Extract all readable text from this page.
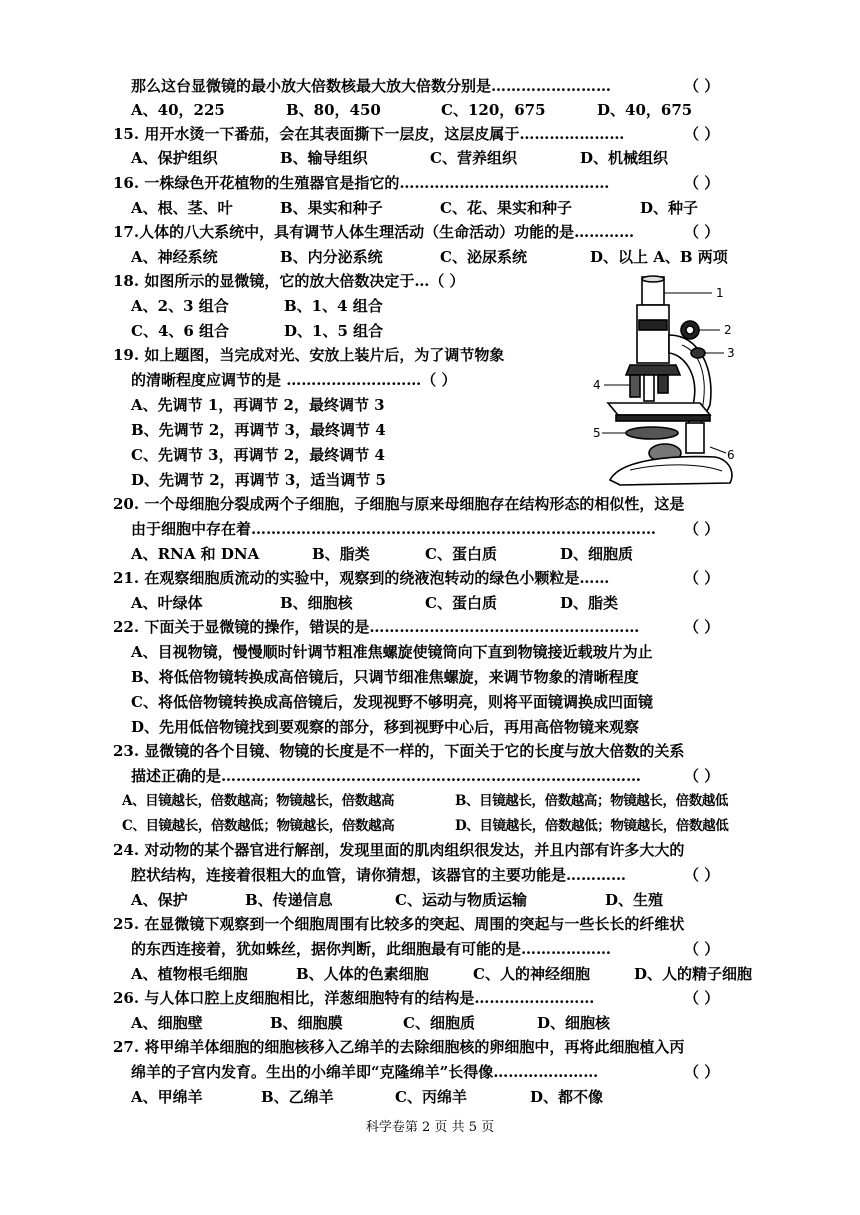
那么这台显微镜的最小放大倍数核最大放大倍数分别是……………………	（ ）
A、40，225	B、80，450	C、120，675	D、40，675
15. 用开水烫一下番茄，会在其表面撕下一层皮，这层皮属于…………………	（ ）
A、保护组织	B、输导组织	C、营养组织	D、机械组织
16. 一株绿色开花植物的生殖器官是指它的……………………………………	（ ）
A、根、茎、叶	B、果实和种子	C、花、果实和种子	D、种子
17.人体的八大系统中，具有调节人体生理活动（生命活动）功能的是…………	（ ）
A、神经系统	B、内分泌系统	C、泌尿系统	D、以上 A、B 两项
18. 如图所示的显微镜，它的放大倍数决定于…（ ）
A、2、3 组合	B、1、4 组合
C、4、6 组合	D、1、5 组合
19. 如上题图，当完成对光、安放上装片后，为了调节物象
的清晰程度应调节的是 ………………………（ ）
A、先调节 1，再调节 2，最终调节 3
B、先调节 2，再调节 3，最终调节 4
C、先调节 3，再调节 2，最终调节 4
D、先调节 2，再调节 3，适当调节 5
1
2
3
4
5
6
20. 一个母细胞分裂成两个子细胞，子细胞与原来母细胞存在结构形态的相似性，这是
由于细胞中存在着……………………………………………………………………… （ ）
A、RNA 和 DNA	B、脂类	C、蛋白质	D、细胞质
21. 在观察细胞质流动的实验中，观察到的绕液泡转动的绿色小颗粒是……	（ ）
A、叶绿体	B、细胞核	C、蛋白质	D、脂类
22. 下面关于显微镜的操作，错误的是………………………………………………	（ ）
A、目视物镜，慢慢顺时针调节粗准焦螺旋使镜筒向下直到物镜接近载玻片为止
B、将低倍物镜转换成高倍镜后，只调节细准焦螺旋，来调节物象的清晰程度
C、将低倍物镜转换成高倍镜后，发现视野不够明亮，则将平面镜调换成凹面镜
D、先用低倍物镜找到要观察的部分，移到视野中心后，再用高倍物镜来观察
23. 显微镜的各个目镜、物镜的长度是不一样的，下面关于它的长度与放大倍数的关系
描述正确的是…………………………………………………………………………	（ ）
A、目镜越长，倍数越高；物镜越长，倍数越高	B、目镜越长，倍数越高；物镜越长，倍数越低
C、目镜越长，倍数越低；物镜越长，倍数越高	D、目镜越长，倍数越低；物镜越长，倍数越低
24. 对动物的某个器官进行解剖，发现里面的肌肉组织很发达，并且内部有许多大大的
腔状结构，连接着很粗大的血管，请你猜想，该器官的主要功能是…………	（ ）
A、保护	B、传递信息	C、运动与物质运输	D、生殖
25. 在显微镜下观察到一个细胞周围有比较多的突起、周围的突起与一些长长的纤维状
的东西连接着，犹如蛛丝，据你判断，此细胞最有可能的是………………	（ ）
A、植物根毛细胞	B、人体的色素细胞	C、人的神经细胞	D、人的精子细胞
26. 与人体口腔上皮细胞相比，洋葱细胞特有的结构是……………………	（ ）
A、细胞壁	B、细胞膜	C、细胞质	D、细胞核
27. 将甲绵羊体细胞的细胞核移入乙绵羊的去除细胞核的卵细胞中，再将此细胞植入丙
绵羊的子宫内发育。生出的小绵羊即“克隆绵羊”长得像…………………	（ ）
A、甲绵羊	B、乙绵羊	C、丙绵羊	D、都不像
科学卷第 2 页 共 5 页
